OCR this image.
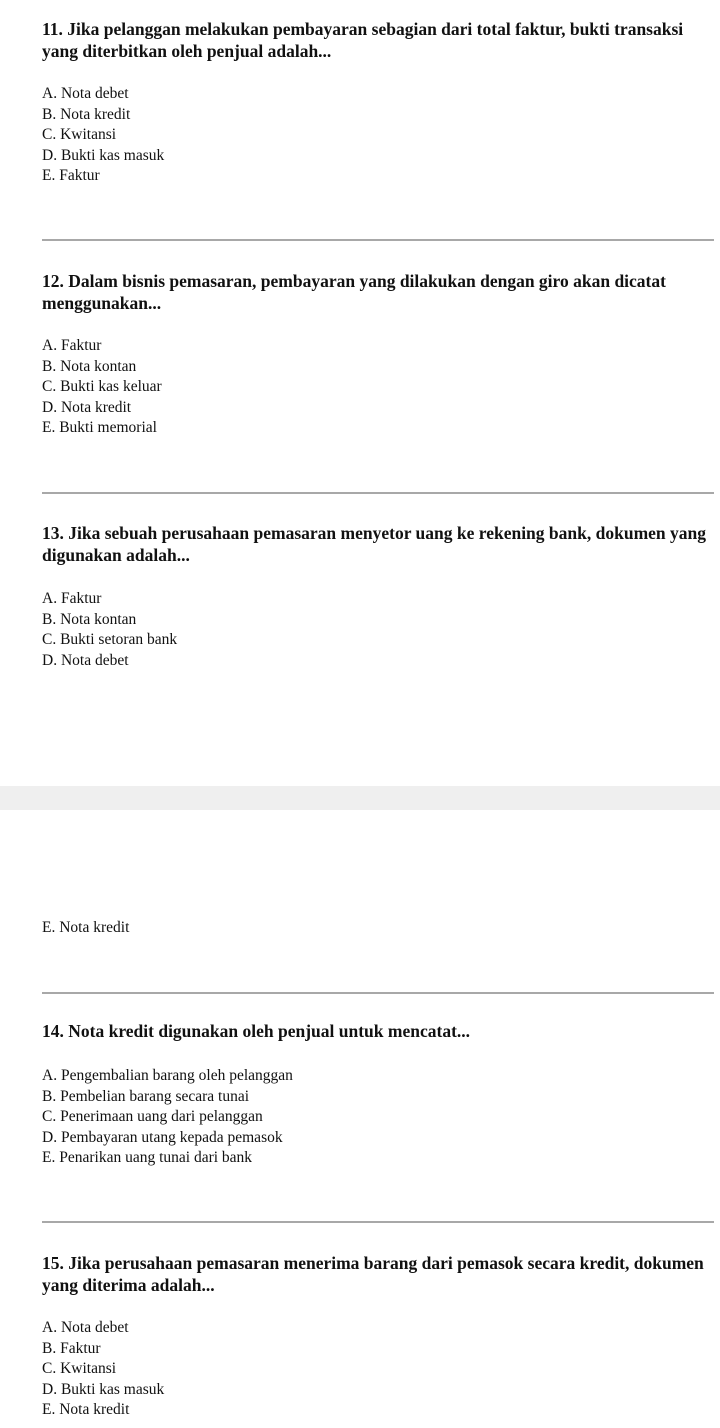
11. Jika pelanggan melakukan pembayaran sebagian dari total faktur, bukti transaksi yang diterbitkan oleh penjual adalah...

A. Nota debet
B. Nota kredit
C. Kwitansi
D. Bukti kas masuk
E. Faktur

12. Dalam bisnis pemasaran, pembayaran yang dilakukan dengan giro akan dicatat menggunakan...

A. Faktur
B. Nota kontan
C. Bukti kas keluar
D. Nota kredit
E. Bukti memorial

13. Jika sebuah perusahaan pemasaran menyetor uang ke rekening bank, dokumen yang digunakan adalah...

A. Faktur
B. Nota kontan
C. Bukti setoran bank
D. Nota debet
E. Nota kredit

14. Nota kredit digunakan oleh penjual untuk mencatat...

A. Pengembalian barang oleh pelanggan
B. Pembelian barang secara tunai
C. Penerimaan uang dari pelanggan
D. Pembayaran utang kepada pemasok
E. Penarikan uang tunai dari bank

15. Jika perusahaan pemasaran menerima barang dari pemasok secara kredit, dokumen yang diterima adalah...

A. Nota debet
B. Faktur
C. Kwitansi
D. Bukti kas masuk
E. Nota kredit
